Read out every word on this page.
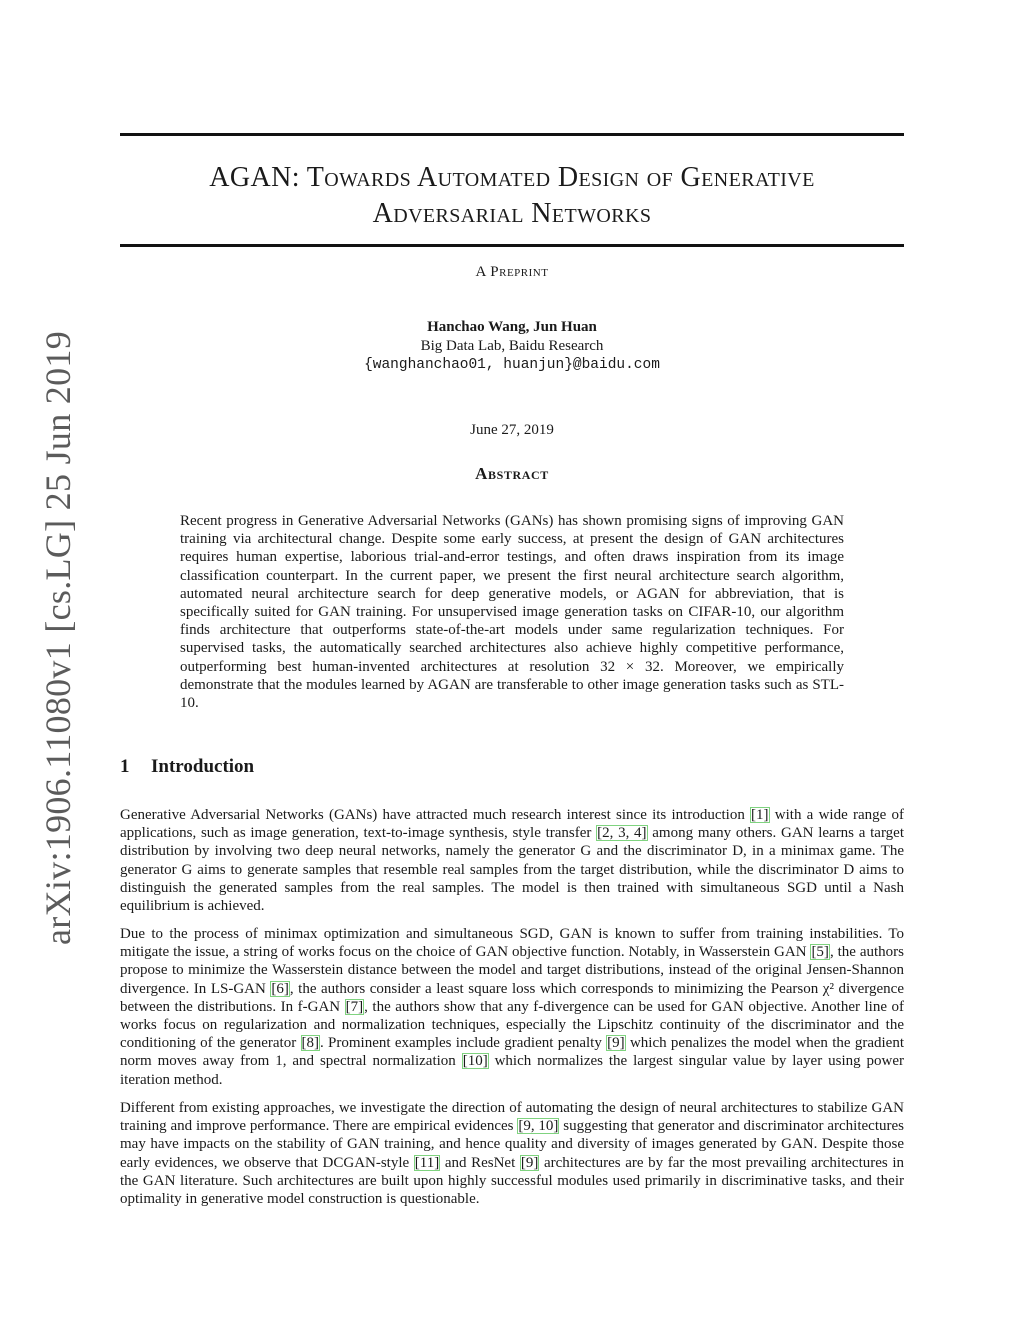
arXiv:1906.11080v1 [cs.LG] 25 Jun 2019
AGAN: Towards Automated Design of Generative
Adversarial Networks
A Preprint
Hanchao Wang, Jun Huan
Big Data Lab, Baidu Research
{wanghanchao01, huanjun}@baidu.com
June 27, 2019
Abstract
Recent progress in Generative Adversarial Networks (GANs) has shown promising signs of improving GAN training via architectural change. Despite some early success, at present the design of GAN architectures requires human expertise, laborious trial-and-error testings, and often draws inspiration from its image classification counterpart. In the current paper, we present the first neural architecture search algorithm, automated neural architecture search for deep generative models, or AGAN for abbreviation, that is specifically suited for GAN training. For unsupervised image generation tasks on CIFAR-10, our algorithm finds architecture that outperforms state-of-the-art models under same regularization techniques. For supervised tasks, the automatically searched architectures also achieve highly competitive performance, outperforming best human-invented architectures at resolution 32 × 32. Moreover, we empirically demonstrate that the modules learned by AGAN are transferable to other image generation tasks such as STL-10.
1 Introduction
Generative Adversarial Networks (GANs) have attracted much research interest since its introduction [1] with a wide range of applications, such as image generation, text-to-image synthesis, style transfer [2, 3, 4] among many others. GAN learns a target distribution by involving two deep neural networks, namely the generator G and the discriminator D, in a minimax game. The generator G aims to generate samples that resemble real samples from the target distribution, while the discriminator D aims to distinguish the generated samples from the real samples. The model is then trained with simultaneous SGD until a Nash equilibrium is achieved.
Due to the process of minimax optimization and simultaneous SGD, GAN is known to suffer from training instabilities. To mitigate the issue, a string of works focus on the choice of GAN objective function. Notably, in Wasserstein GAN [5], the authors propose to minimize the Wasserstein distance between the model and target distributions, instead of the original Jensen-Shannon divergence. In LS-GAN [6], the authors consider a least square loss which corresponds to minimizing the Pearson χ² divergence between the distributions. In f-GAN [7], the authors show that any f-divergence can be used for GAN objective. Another line of works focus on regularization and normalization techniques, especially the Lipschitz continuity of the discriminator and the conditioning of the generator [8]. Prominent examples include gradient penalty [9] which penalizes the model when the gradient norm moves away from 1, and spectral normalization [10] which normalizes the largest singular value by layer using power iteration method.
Different from existing approaches, we investigate the direction of automating the design of neural architectures to stabilize GAN training and improve performance. There are empirical evidences [9, 10] suggesting that generator and discriminator architectures may have impacts on the stability of GAN training, and hence quality and diversity of images generated by GAN. Despite those early evidences, we observe that DCGAN-style [11] and ResNet [9] architectures are by far the most prevailing architectures in the GAN literature. Such architectures are built upon highly successful modules used primarily in discriminative tasks, and their optimality in generative model construction is questionable.
